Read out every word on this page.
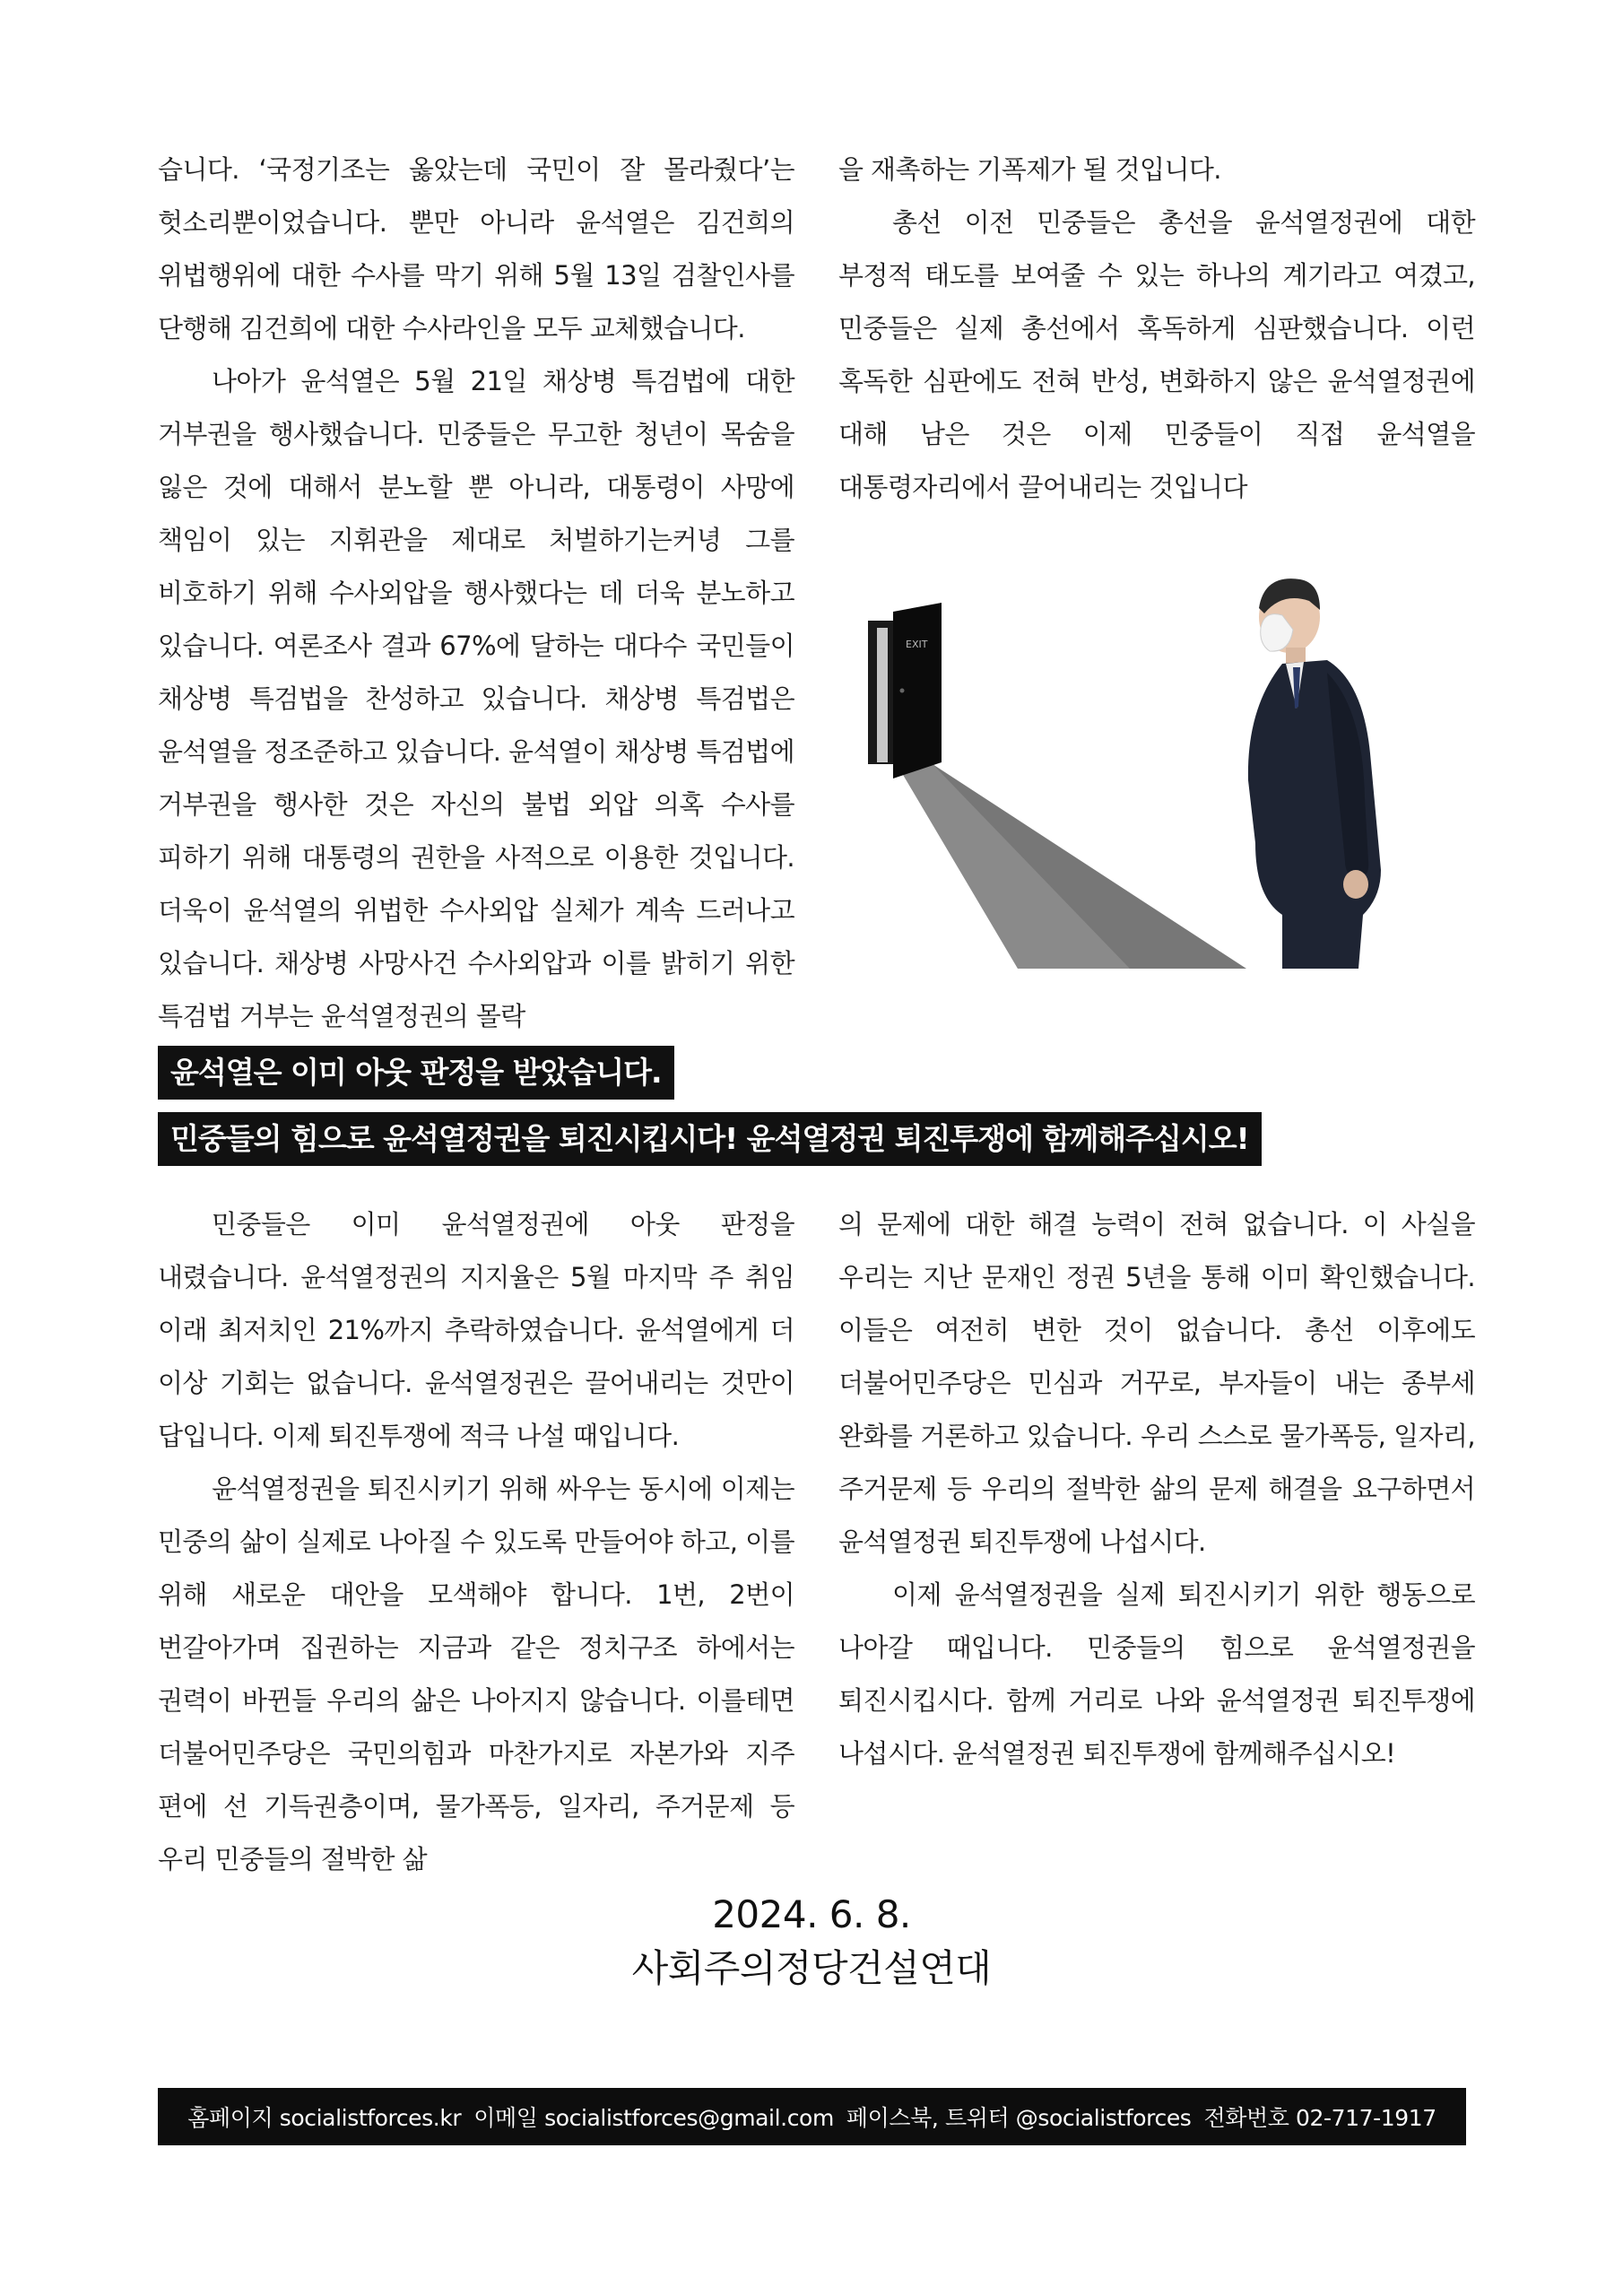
습니다. ‘국정기조는 옳았는데 국민이 잘 몰라줬다’는 헛소리뿐이었습니다. 뿐만 아니라 윤석열은 김건희의 위법행위에 대한 수사를 막기 위해 5월 13일 검찰인사를 단행해 김건희에 대한 수사라인을 모두 교체했습니다.

나아가 윤석열은 5월 21일 채상병 특검법에 대한 거부권을 행사했습니다. 민중들은 무고한 청년이 목숨을 잃은 것에 대해서 분노할 뿐 아니라, 대통령이 사망에 책임이 있는 지휘관을 제대로 처벌하기는커녕 그를 비호하기 위해 수사외압을 행사했다는 데 더욱 분노하고 있습니다. 여론조사 결과 67%에 달하는 대다수 국민들이 채상병 특검법을 찬성하고 있습니다. 채상병 특검법은 윤석열을 정조준하고 있습니다. 윤석열이 채상병 특검법에 거부권을 행사한 것은 자신의 불법 외압 의혹 수사를 피하기 위해 대통령의 권한을 사적으로 이용한 것입니다. 더욱이 윤석열의 위법한 수사외압 실체가 계속 드러나고 있습니다. 채상병 사망사건 수사외압과 이를 밝히기 위한 특검법 거부는 윤석열정권의 몰락

을 재촉하는 기폭제가 될 것입니다.

총선 이전 민중들은 총선을 윤석열정권에 대한 부정적 태도를 보여줄 수 있는 하나의 계기라고 여겼고, 민중들은 실제 총선에서 혹독하게 심판했습니다. 이런 혹독한 심판에도 전혀 반성, 변화하지 않은 윤석열정권에 대해 남은 것은 이제 민중들이 직접 윤석열을 대통령자리에서 끌어내리는 것입니다

EXIT
윤석열은 이미 아웃 판정을 받았습니다.
민중들의 힘으로 윤석열정권을 퇴진시킵시다! 윤석열정권 퇴진투쟁에 함께해주십시오!

민중들은 이미 윤석열정권에 아웃 판정을 내렸습니다. 윤석열정권의 지지율은 5월 마지막 주 취임 이래 최저치인 21%까지 추락하였습니다. 윤석열에게 더 이상 기회는 없습니다. 윤석열정권은 끌어내리는 것만이 답입니다. 이제 퇴진투쟁에 적극 나설 때입니다.

윤석열정권을 퇴진시키기 위해 싸우는 동시에 이제는 민중의 삶이 실제로 나아질 수 있도록 만들어야 하고, 이를 위해 새로운 대안을 모색해야 합니다. 1번, 2번이 번갈아가며 집권하는 지금과 같은 정치구조 하에서는 권력이 바뀐들 우리의 삶은 나아지지 않습니다. 이를테면 더불어민주당은 국민의힘과 마찬가지로 자본가와 지주 편에 선 기득권층이며, 물가폭등, 일자리, 주거문제 등 우리 민중들의 절박한 삶

의 문제에 대한 해결 능력이 전혀 없습니다. 이 사실을 우리는 지난 문재인 정권 5년을 통해 이미 확인했습니다. 이들은 여전히 변한 것이 없습니다. 총선 이후에도 더불어민주당은 민심과 거꾸로, 부자들이 내는 종부세 완화를 거론하고 있습니다. 우리 스스로 물가폭등, 일자리, 주거문제 등 우리의 절박한 삶의 문제 해결을 요구하면서 윤석열정권 퇴진투쟁에 나섭시다.

이제 윤석열정권을 실제 퇴진시키기 위한 행동으로 나아갈 때입니다. 민중들의 힘으로 윤석열정권을 퇴진시킵시다. 함께 거리로 나와 윤석열정권 퇴진투쟁에 나섭시다. 윤석열정권 퇴진투쟁에 함께해주십시오!

2024. 6. 8.
사회주의정당건설연대
홈페이지 socialistforces.kr 이메일 socialistforces@gmail.com 페이스북, 트위터 @socialistforces 전화번호 02-717-1917
